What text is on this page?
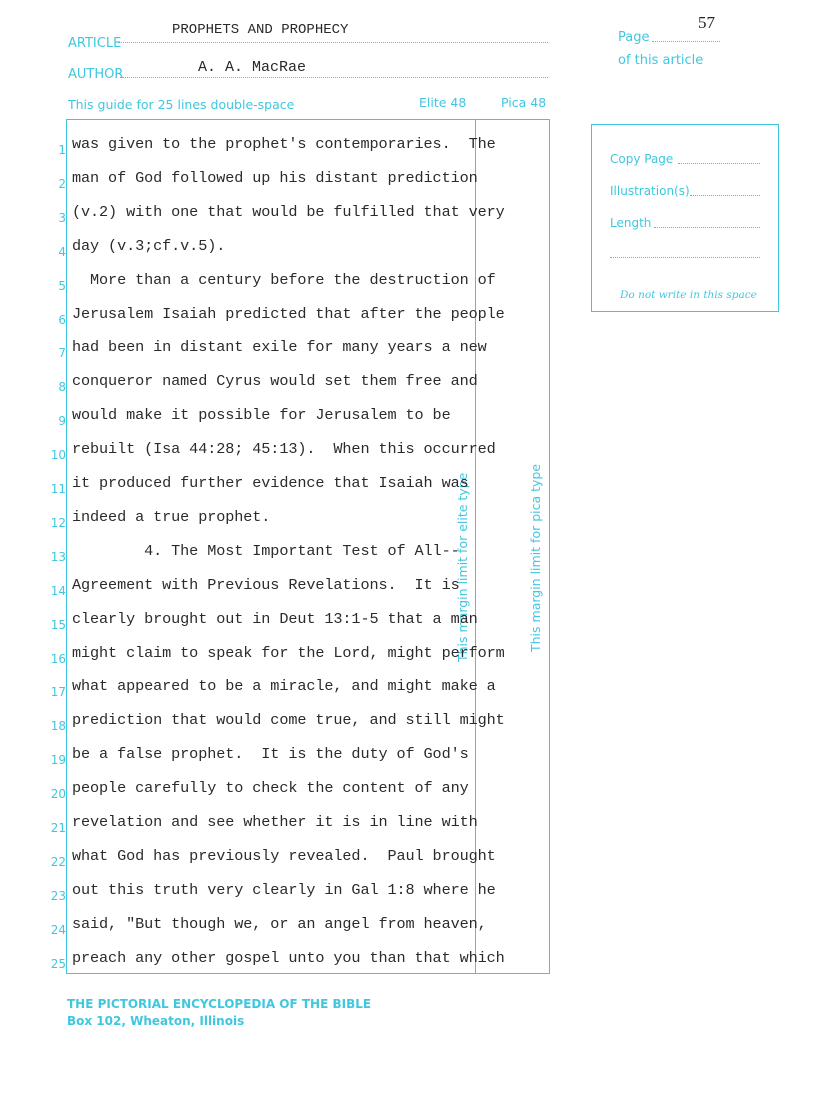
ARTICLE
PROPHETS AND PROPHECY
AUTHOR	A. A. MacRae
57
Page
of this article
This guide for 25 lines double-space	Elite 48	Pica 48
This margin limit for elite type	This margin limit for pica type
Copy Page
Illustration(s)
Length
Do not write in this space
1 was given to the prophet's contemporaries.  The
2 man of God followed up his distant prediction
3 (v.2) with one that would be fulfilled that very
4 day (v.3;cf.v.5).
5 More than a century before the destruction of
6 Jerusalem Isaiah predicted that after the people
7 had been in distant exile for many years a new
8 conqueror named Cyrus would set them free and
9 would make it possible for Jerusalem to be
10 rebuilt (Isa 44:28; 45:13).  When this occurred
11 it produced further evidence that Isaiah was
12 indeed a true prophet.
13 4. The Most Important Test of All--
14 Agreement with Previous Revelations.  It is
15 clearly brought out in Deut 13:1-5 that a man
16 might claim to speak for the Lord, might perform
17 what appeared to be a miracle, and might make a
18 prediction that would come true, and still might
19 be a false prophet.  It is the duty of God's
20 people carefully to check the content of any
21 revelation and see whether it is in line with
22 what God has previously revealed.  Paul brought
23 out this truth very clearly in Gal 1:8 where he
24 said, "But though we, or an angel from heaven,
25 preach any other gospel unto you than that which
THE PICTORIAL ENCYCLOPEDIA OF THE BIBLE
Box 102, Wheaton, Illinois
